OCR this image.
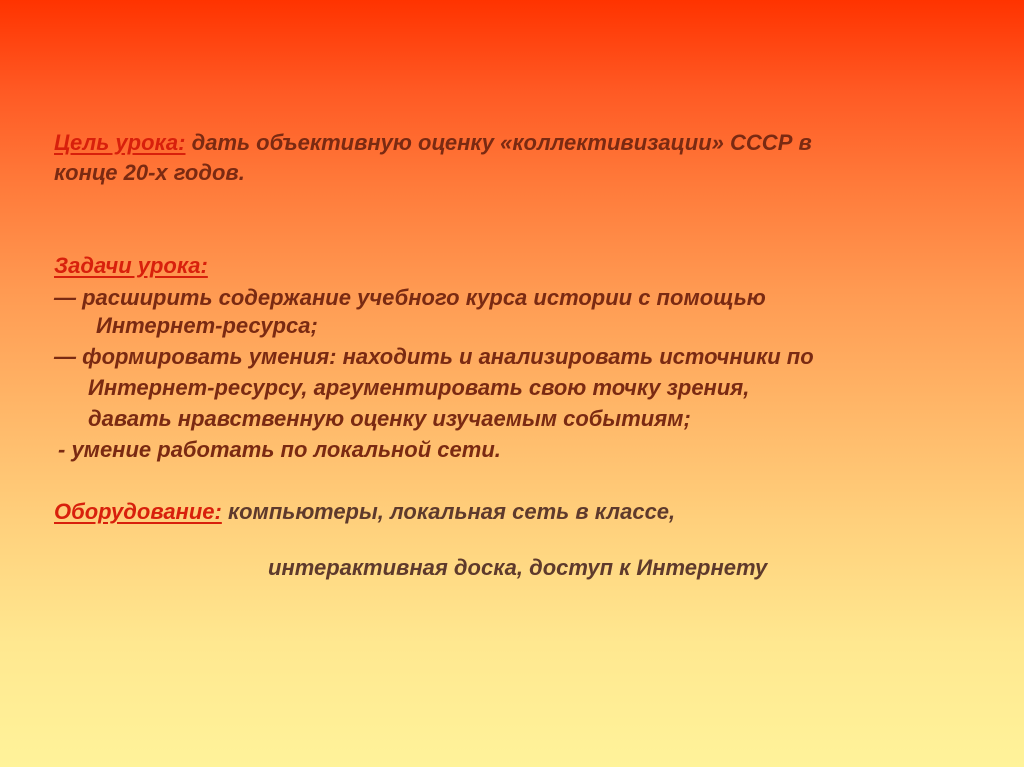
Цель урока: дать объективную оценку «коллективизации» СССР в
конце 20-х годов.
Задачи урока:
— расширить содержание учебного курса истории с помощью
Интернет-ресурса;
— формировать умения: находить и анализировать источники по
Интернет-ресурсу, аргументировать свою точку зрения,
давать нравственную оценку изучаемым событиям;
- умение работать по локальной сети.
Оборудование: компьютеры, локальная сеть в классе,
интерактивная доска, доступ к Интернету
